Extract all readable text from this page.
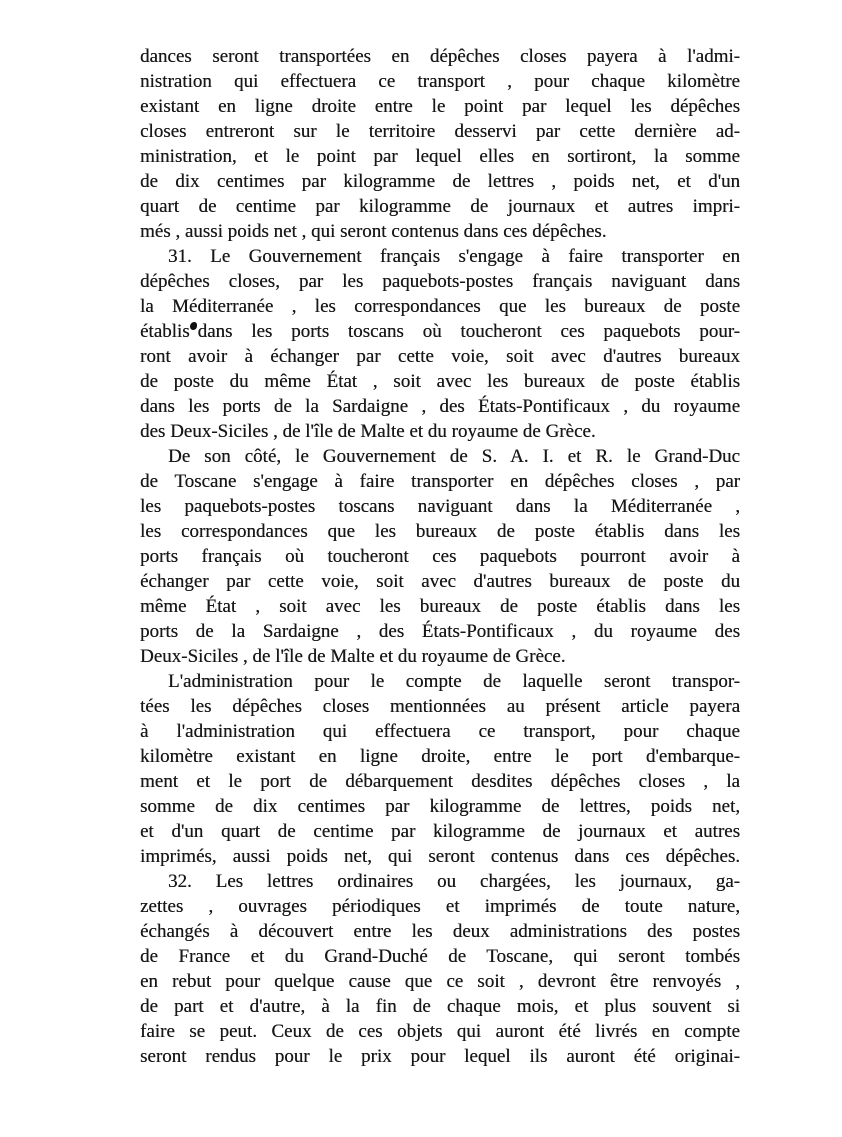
dances seront transportées en dépêches closes payera à l'admi-
nistration qui effectuera ce transport , pour chaque kilomètre
existant en ligne droite entre le point par lequel les dépêches
closes entreront sur le territoire desservi par cette dernière ad-
ministration, et le point par lequel elles en sortiront, la somme
de dix centimes par kilogramme de lettres , poids net, et d'un
quart de centime par kilogramme de journaux et autres impri-
més , aussi poids net , qui seront contenus dans ces dépêches.
31. Le Gouvernement français s'engage à faire transporter en
dépêches closes, par les paquebots-postes français naviguant dans
la Méditerranée , les correspondances que les bureaux de poste
établis dans les ports toscans où toucheront ces paquebots pour-
ront avoir à échanger par cette voie, soit avec d'autres bureaux
de poste du même État , soit avec les bureaux de poste établis
dans les ports de la Sardaigne , des États-Pontificaux , du royaume
des Deux-Siciles , de l'île de Malte et du royaume de Grèce.
De son côté, le Gouvernement de S. A. I. et R. le Grand-Duc
de Toscane s'engage à faire transporter en dépêches closes , par
les paquebots-postes toscans naviguant dans la Méditerranée ,
les correspondances que les bureaux de poste établis dans les
ports français où toucheront ces paquebots pourront avoir à
échanger par cette voie, soit avec d'autres bureaux de poste du
même État , soit avec les bureaux de poste établis dans les
ports de la Sardaigne , des États-Pontificaux , du royaume des
Deux-Siciles , de l'île de Malte et du royaume de Grèce.
L'administration pour le compte de laquelle seront transpor-
tées les dépêches closes mentionnées au présent article payera
à l'administration qui effectuera ce transport, pour chaque
kilomètre existant en ligne droite, entre le port d'embarque-
ment et le port de débarquement desdites dépêches closes , la
somme de dix centimes par kilogramme de lettres, poids net,
et d'un quart de centime par kilogramme de journaux et autres
imprimés, aussi poids net, qui seront contenus dans ces dépêches.
32. Les lettres ordinaires ou chargées, les journaux, ga-
zettes , ouvrages périodiques et imprimés de toute nature,
échangés à découvert entre les deux administrations des postes
de France et du Grand-Duché de Toscane, qui seront tombés
en rebut pour quelque cause que ce soit , devront être renvoyés ,
de part et d'autre, à la fin de chaque mois, et plus souvent si
faire se peut. Ceux de ces objets qui auront été livrés en compte
seront rendus pour le prix pour lequel ils auront été originai-
